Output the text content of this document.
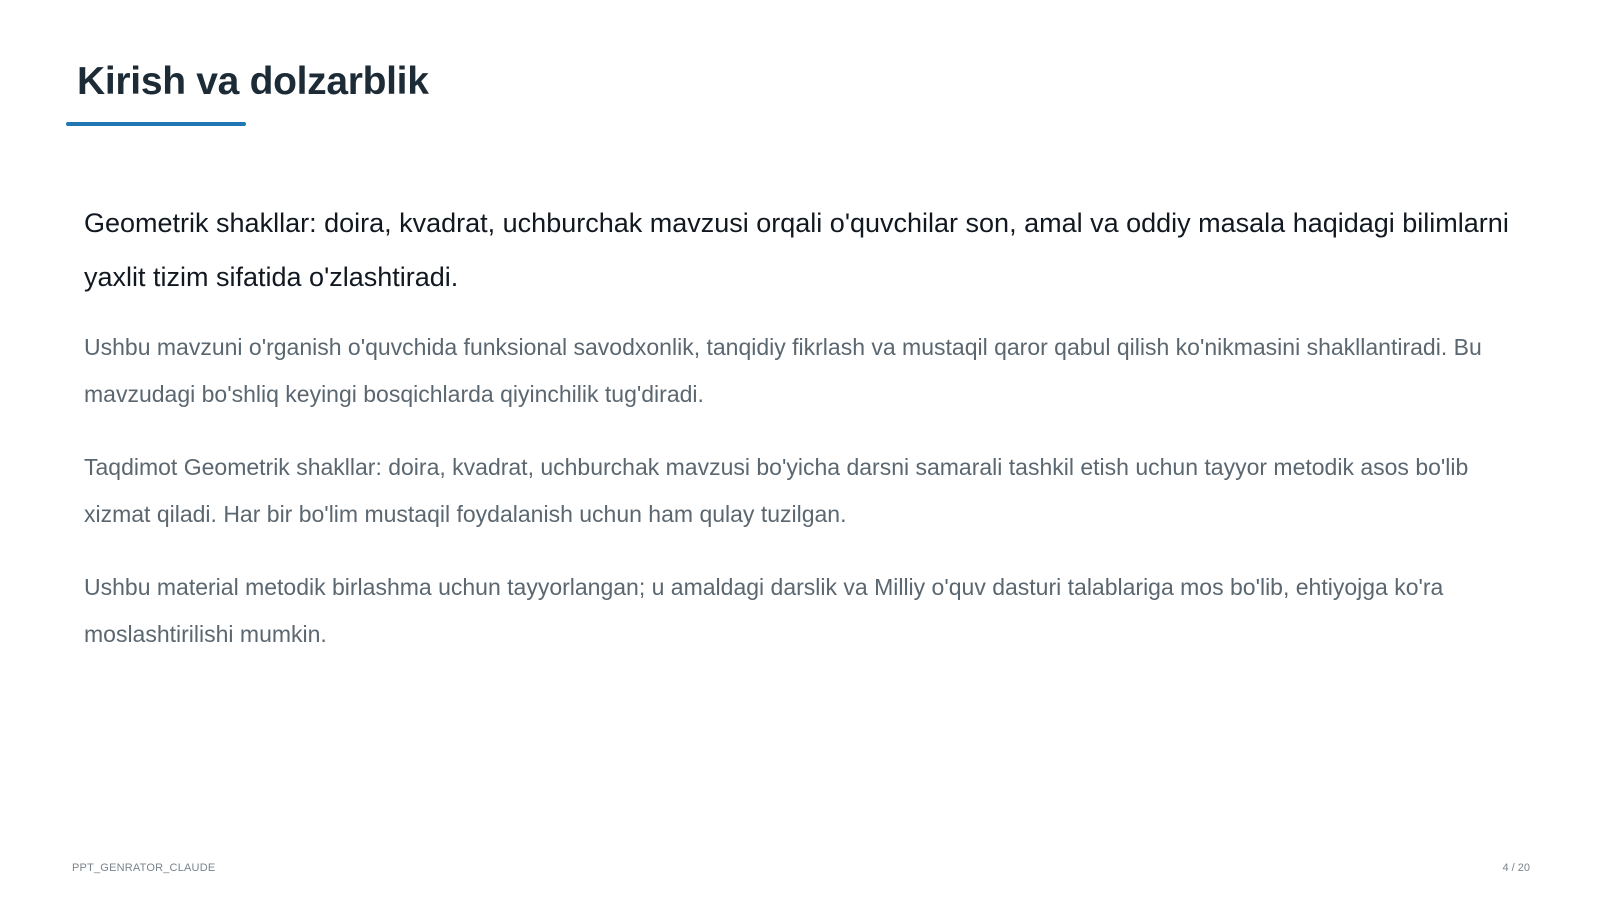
Kirish va dolzarblik

Geometrik shakllar: doira, kvadrat, uchburchak mavzusi orqali o'quvchilar son, amal va oddiy masala haqidagi bilimlarni yaxlit tizim sifatida o'zlashtiradi.

Ushbu mavzuni o'rganish o'quvchida funksional savodxonlik, tanqidiy fikrlash va mustaqil qaror qabul qilish ko'nikmasini shakllantiradi. Bu mavzudagi bo'shliq keyingi bosqichlarda qiyinchilik tug'diradi.

Taqdimot Geometrik shakllar: doira, kvadrat, uchburchak mavzusi bo'yicha darsni samarali tashkil etish uchun tayyor metodik asos bo'lib xizmat qiladi. Har bir bo'lim mustaqil foydalanish uchun ham qulay tuzilgan.

Ushbu material metodik birlashma uchun tayyorlangan; u amaldagi darslik va Milliy o'quv dasturi talablariga mos bo'lib, ehtiyojga ko'ra moslashtirilishi mumkin.

PPT_GENRATOR_CLAUDE	4 / 20
